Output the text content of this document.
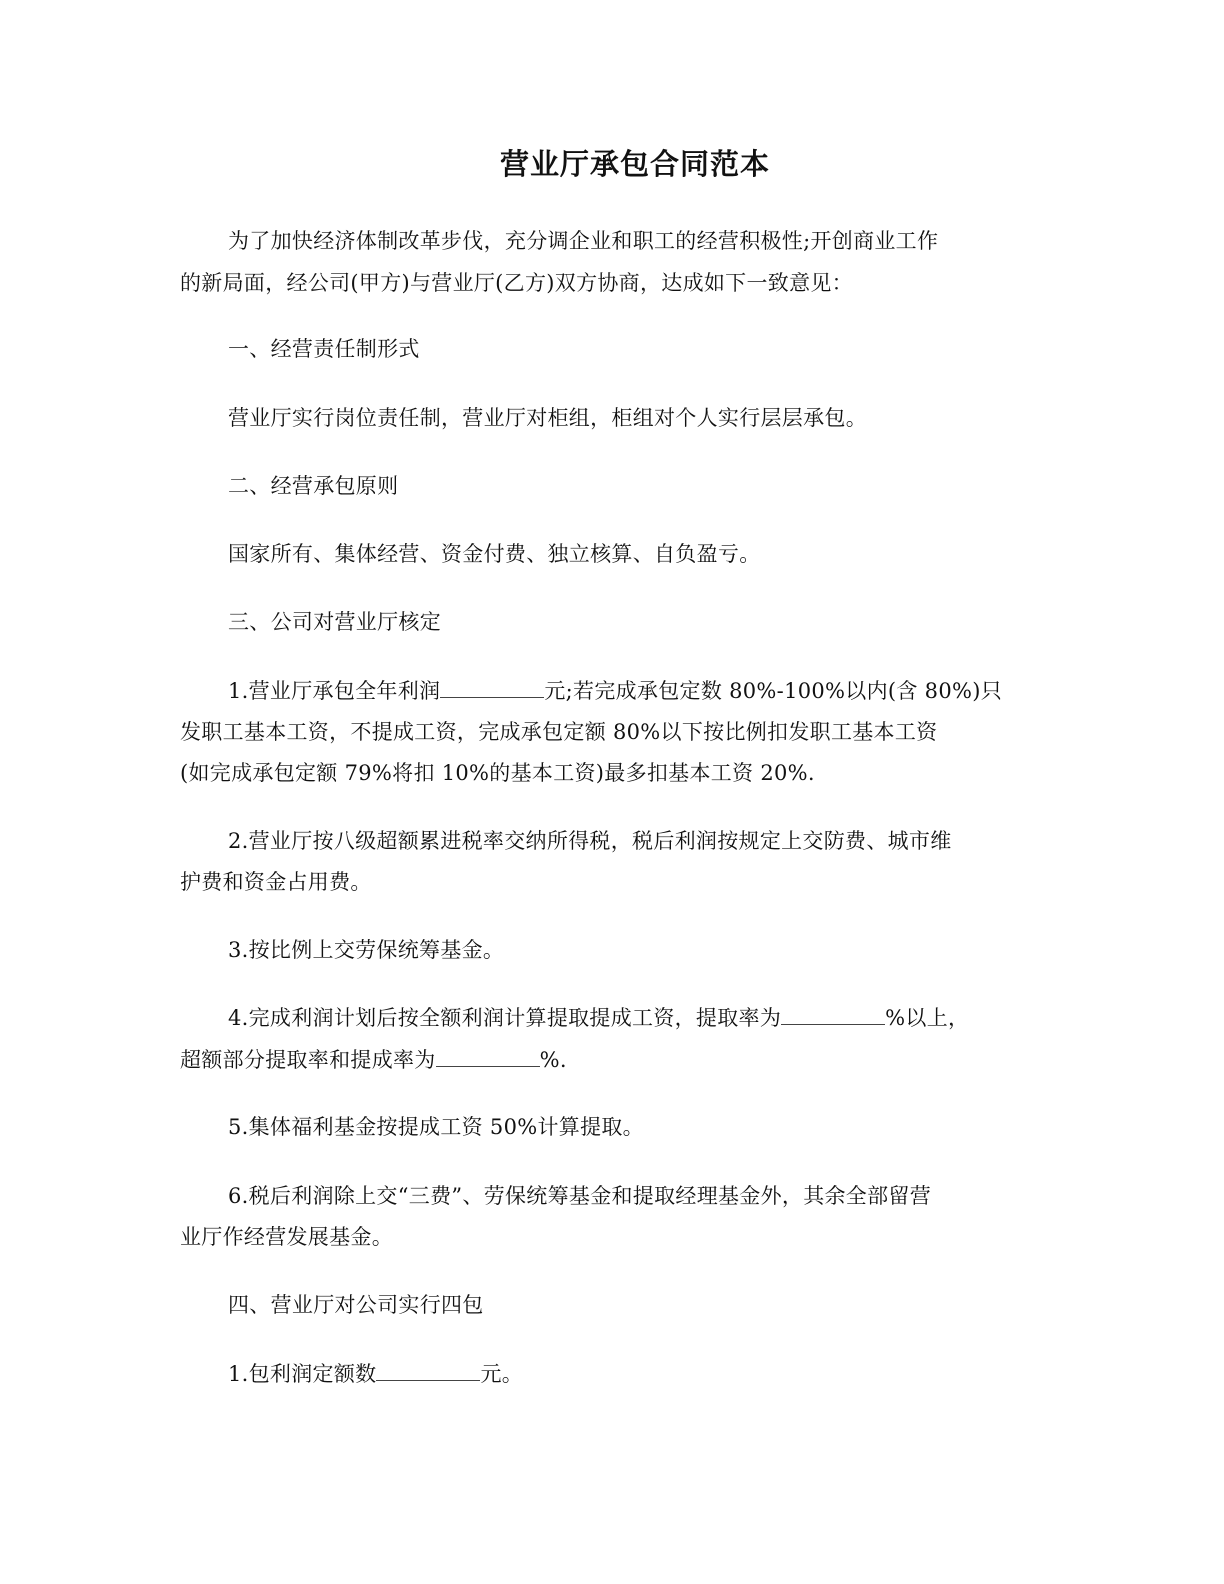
营业厅承包合同范本
为了加快经济体制改革步伐，充分调企业和职工的经营积极性;开创商业工作
的新局面，经公司(甲方)与营业厅(乙方)双方协商，达成如下一致意见：
一、经营责任制形式
营业厅实行岗位责任制，营业厅对柜组，柜组对个人实行层层承包。
二、经营承包原则
国家所有、集体经营、资金付费、独立核算、自负盈亏。
三、公司对营业厅核定
1.营业厅承包全年利润	元;若完成承包定数 80%-100%以内(含 80%)只
发职工基本工资，不提成工资，完成承包定额 80%以下按比例扣发职工基本工资
(如完成承包定额 79%将扣 10%的基本工资)最多扣基本工资 20%.
2.营业厅按八级超额累进税率交纳所得税，税后利润按规定上交防费、城市维
护费和资金占用费。
3.按比例上交劳保统筹基金。
4.完成利润计划后按全额利润计算提取提成工资，提取率为	%以上，
超额部分提取率和提成率为	%.
5.集体福利基金按提成工资 50%计算提取。
6.税后利润除上交“三费”、劳保统筹基金和提取经理基金外，其余全部留营
业厅作经营发展基金。
四、营业厅对公司实行四包
1.包利润定额数	元。
